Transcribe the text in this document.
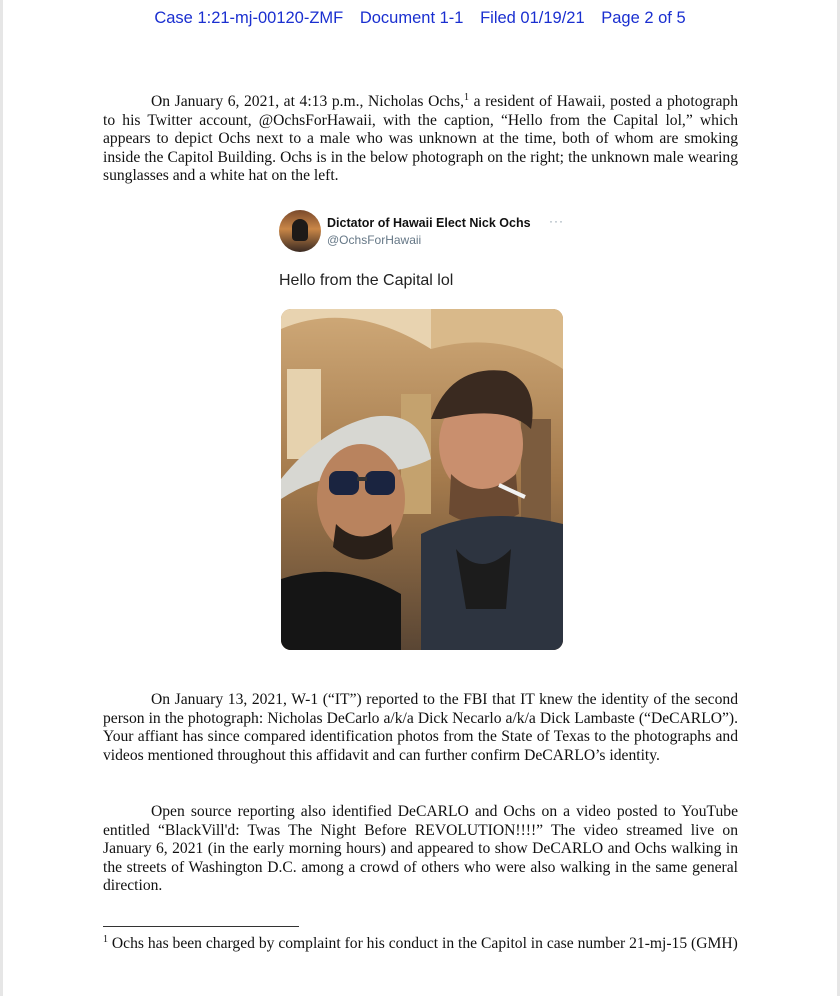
Case 1:21-mj-00120-ZMF Document 1-1 Filed 01/19/21 Page 2 of 5

On January 6, 2021, at 4:13 p.m., Nicholas Ochs,$^1$ a resident of Hawaii, posted a photograph to his Twitter account, @OchsForHawaii, with the caption, “Hello from the Capital lol,” which appears to depict Ochs next to a male who was unknown at the time, both of whom are smoking inside the Capitol Building. Ochs is in the below photograph on the right; the unknown male wearing sunglasses and a white hat on the left.

Dictator of Hawaii Elect Nick Ochs
@OchsForHawaii
···
Hello from the Capital lol

On January 13, 2021, W-1 (“IT”) reported to the FBI that IT knew the identity of the second person in the photograph: Nicholas DeCarlo a/k/a Dick Necarlo a/k/a Dick Lambaste (“DeCARLO”). Your affiant has since compared identification photos from the State of Texas to the photographs and videos mentioned throughout this affidavit and can further confirm DeCARLO’s identity.

Open source reporting also identified DeCARLO and Ochs on a video posted to YouTube entitled “BlackVill'd: Twas The Night Before REVOLUTION!!!!” The video streamed live on January 6, 2021 (in the early morning hours) and appeared to show DeCARLO and Ochs walking in the streets of Washington D.C. among a crowd of others who were also walking in the same general direction.

$^1$ Ochs has been charged by complaint for his conduct in the Capitol in case number 21-mj-15 (GMH)
